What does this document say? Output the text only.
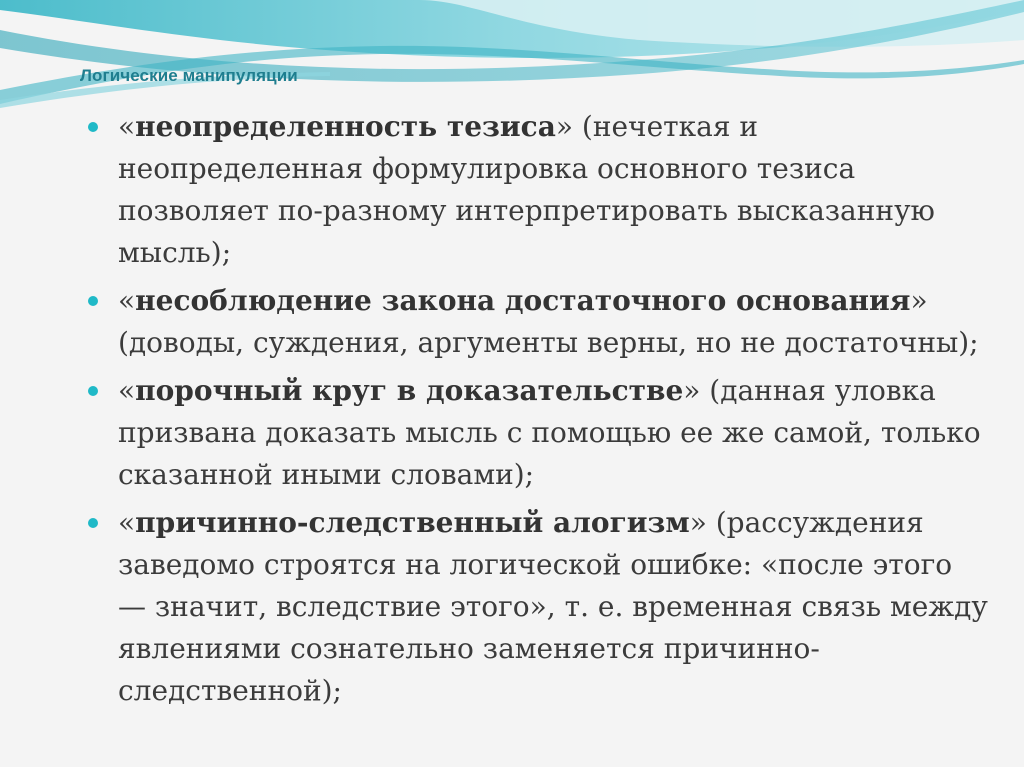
Логические манипуляции
«неопределенность тезиса» (нечеткая и неопределенная формулировка основного тезиса позволяет по-разному интерпретировать высказанную мысль);
«несоблюдение закона достаточного основания» (доводы, суждения, аргументы верны, но не достаточны);
«порочный круг в доказательстве» (данная уловка призвана доказать мысль с помощью ее же самой, только сказанной иными словами);
«причинно-следственный алогизм» (рассуждения заведомо строятся на логической ошибке: «после этого — значит, вследствие этого», т. е. временная связь между явлениями сознательно заменяется причинно-следственной);
